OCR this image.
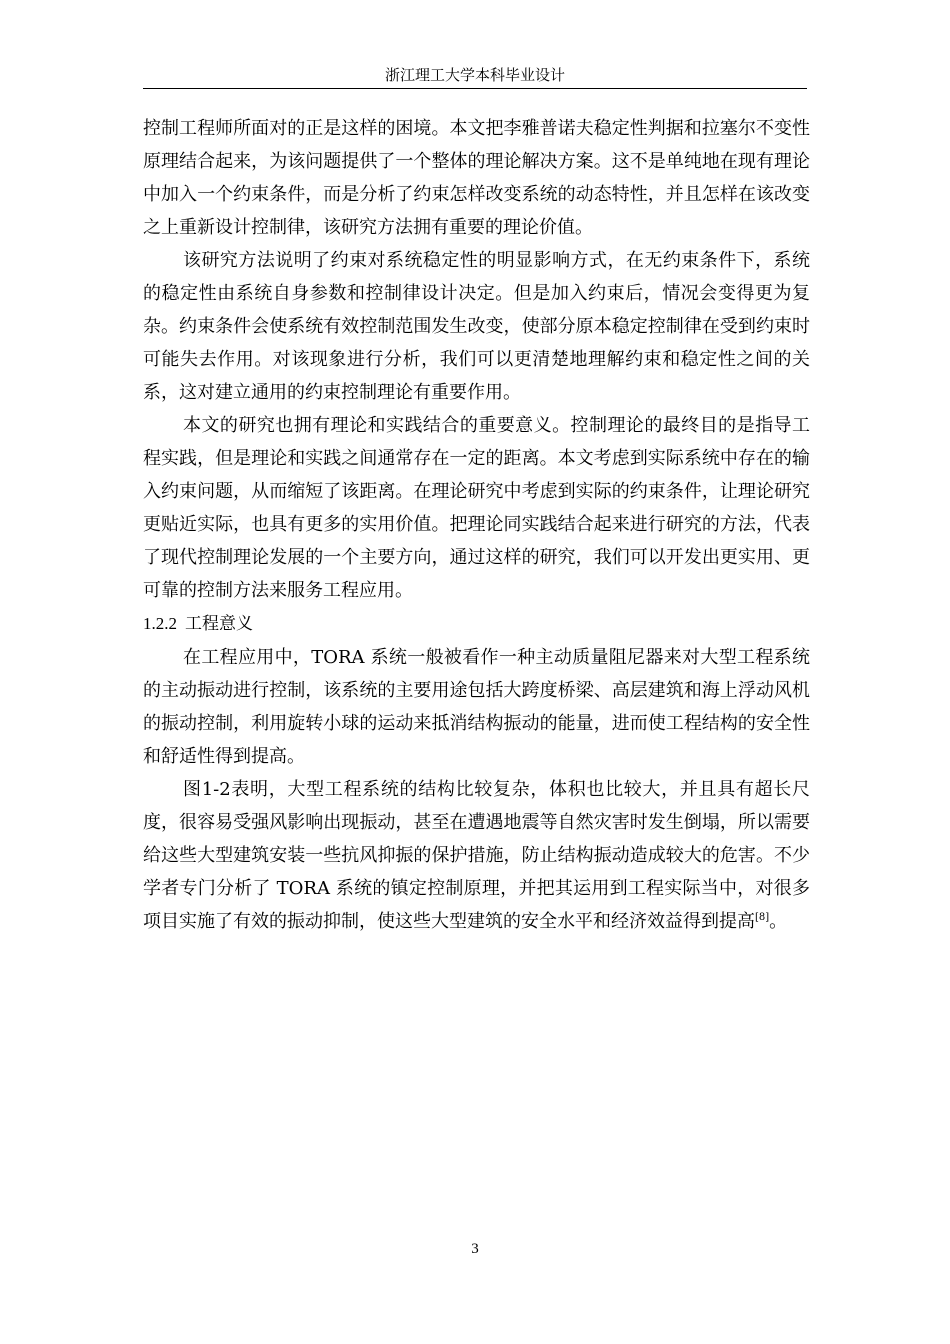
浙江理工大学本科毕业设计

控制工程师所面对的正是这样的困境。本文把李雅普诺夫稳定性判据和拉塞尔不变性原理结合起来，为该问题提供了一个整体的理论解决方案。这不是单纯地在现有理论中加入一个约束条件，而是分析了约束怎样改变系统的动态特性，并且怎样在该改变之上重新设计控制律，该研究方法拥有重要的理论价值。

该研究方法说明了约束对系统稳定性的明显影响方式，在无约束条件下，系统的稳定性由系统自身参数和控制律设计决定。但是加入约束后，情况会变得更为复杂。约束条件会使系统有效控制范围发生改变，使部分原本稳定控制律在受到约束时可能失去作用。对该现象进行分析，我们可以更清楚地理解约束和稳定性之间的关系，这对建立通用的约束控制理论有重要作用。

本文的研究也拥有理论和实践结合的重要意义。控制理论的最终目的是指导工程实践，但是理论和实践之间通常存在一定的距离。本文考虑到实际系统中存在的输入约束问题，从而缩短了该距离。在理论研究中考虑到实际的约束条件，让理论研究更贴近实际，也具有更多的实用价值。把理论同实践结合起来进行研究的方法，代表了现代控制理论发展的一个主要方向，通过这样的研究，我们可以开发出更实用、更可靠的控制方法来服务工程应用。

1.2.2 工程意义

在工程应用中，TORA 系统一般被看作一种主动质量阻尼器来对大型工程系统的主动振动进行控制，该系统的主要用途包括大跨度桥梁、高层建筑和海上浮动风机的振动控制，利用旋转小球的运动来抵消结构振动的能量，进而使工程结构的安全性和舒适性得到提高。

图1-2表明，大型工程系统的结构比较复杂，体积也比较大，并且具有超长尺度，很容易受强风影响出现振动，甚至在遭遇地震等自然灾害时发生倒塌，所以需要给这些大型建筑安装一些抗风抑振的保护措施，防止结构振动造成较大的危害。不少学者专门分析了 TORA 系统的镇定控制原理，并把其运用到工程实际当中，对很多项目实施了有效的振动抑制，使这些大型建筑的安全水平和经济效益得到提高[8]。

3
